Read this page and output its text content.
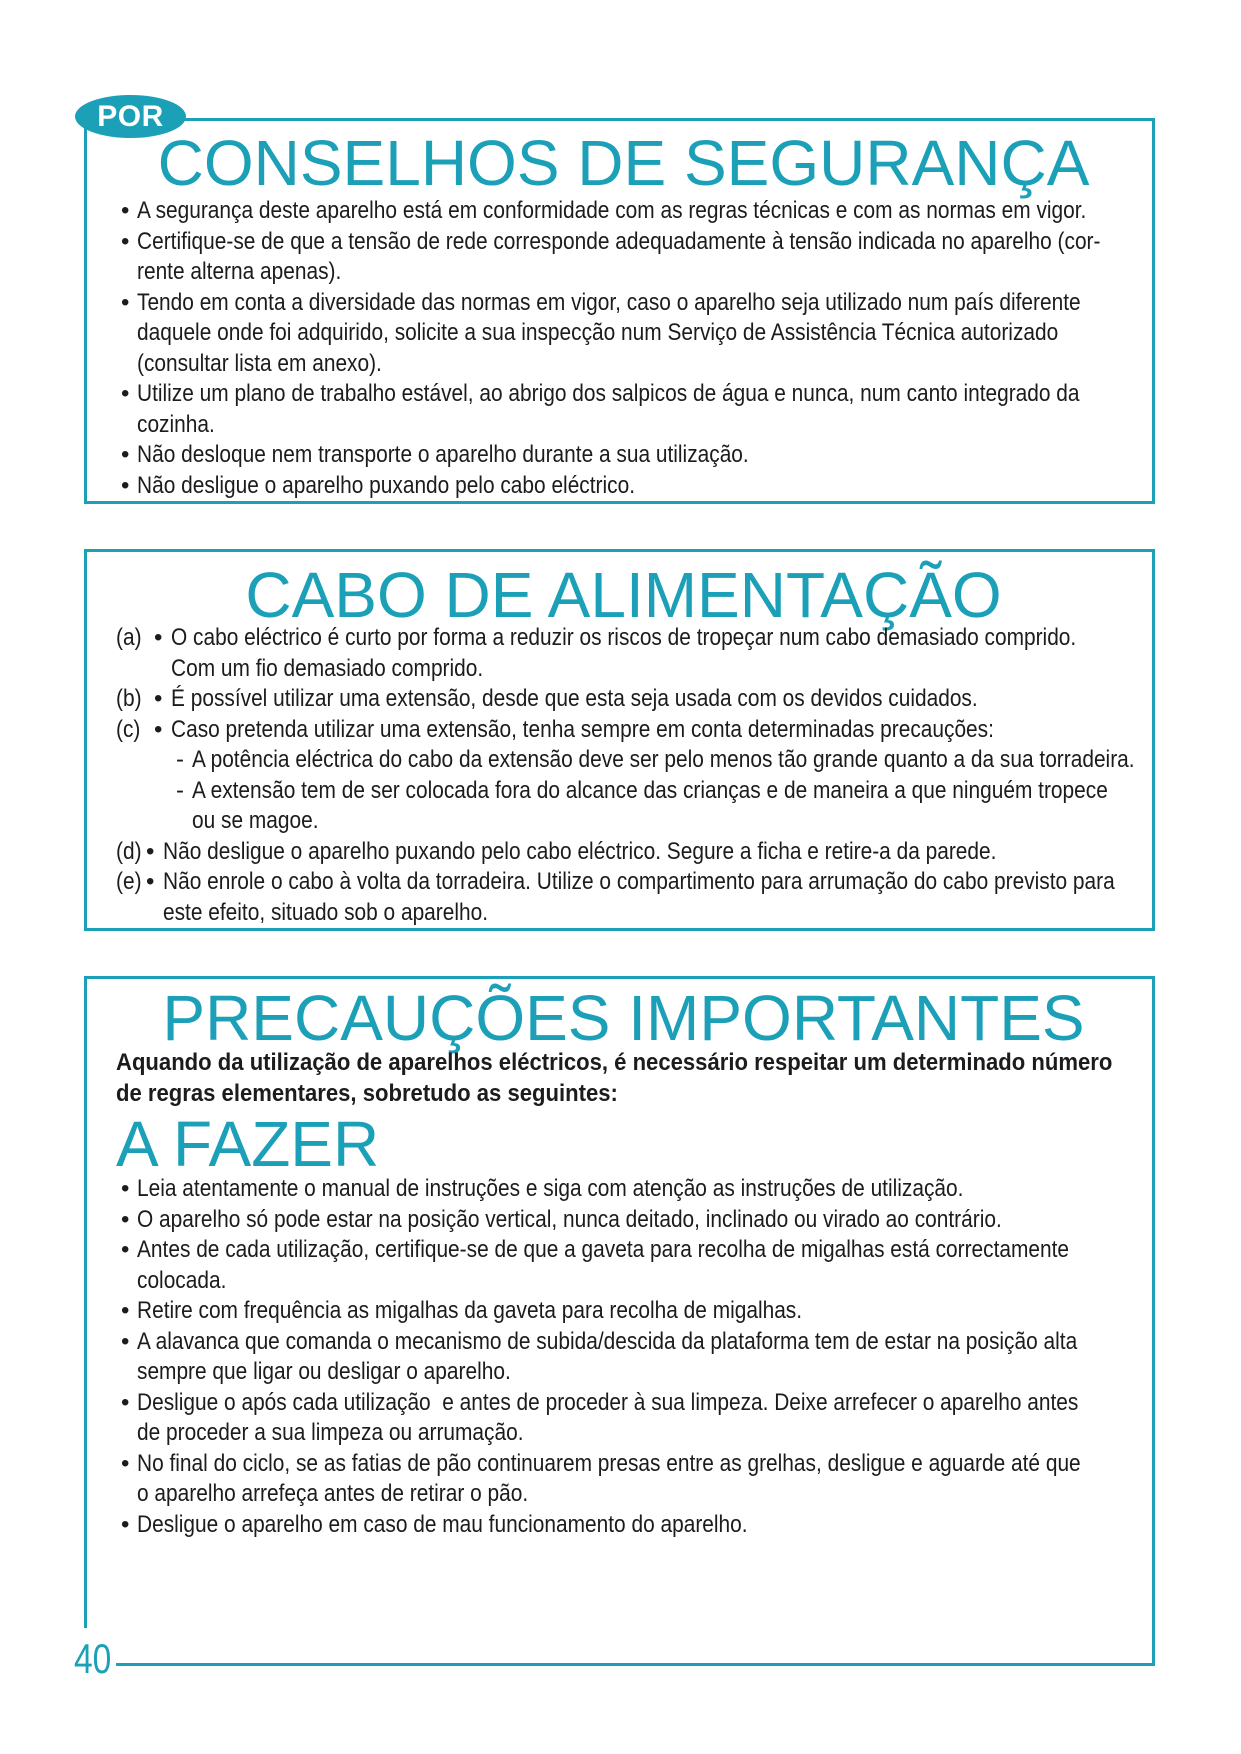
POR
CONSELHOS DE SEGURANÇA
• A segurança deste aparelho está em conformidade com as regras técnicas e com as normas em vigor.
• Certifique-se de que a tensão de rede corresponde adequadamente à tensão indicada no aparelho (cor-
rente alterna apenas).
• Tendo em conta a diversidade das normas em vigor, caso o aparelho seja utilizado num país diferente
daquele onde foi adquirido, solicite a sua inspecção num Serviço de Assistência Técnica autorizado
(consultar lista em anexo).
• Utilize um plano de trabalho estável, ao abrigo dos salpicos de água e nunca, num canto integrado da
cozinha.
• Não desloque nem transporte o aparelho durante a sua utilização.
• Não desligue o aparelho puxando pelo cabo eléctrico.
CABO DE ALIMENTAÇÃO
(a) • O cabo eléctrico é curto por forma a reduzir os riscos de tropeçar num cabo demasiado comprido.
Com um fio demasiado comprido.
(b) • É possível utilizar uma extensão, desde que esta seja usada com os devidos cuidados.
(c) • Caso pretenda utilizar uma extensão, tenha sempre em conta determinadas precauções:
- A potência eléctrica do cabo da extensão deve ser pelo menos tão grande quanto a da sua torradeira.
- A extensão tem de ser colocada fora do alcance das crianças e de maneira a que ninguém tropece
ou se magoe.
(d) • Não desligue o aparelho puxando pelo cabo eléctrico. Segure a ficha e retire-a da parede.
(e) • Não enrole o cabo à volta da torradeira. Utilize o compartimento para arrumação do cabo previsto para
este efeito, situado sob o aparelho.
PRECAUÇÕES IMPORTANTES
Aquando da utilização de aparelhos eléctricos, é necessário respeitar um determinado número
de regras elementares, sobretudo as seguintes:
A FAZER
• Leia atentamente o manual de instruções e siga com atenção as instruções de utilização.
• O aparelho só pode estar na posição vertical, nunca deitado, inclinado ou virado ao contrário.
• Antes de cada utilização, certifique-se de que a gaveta para recolha de migalhas está correctamente
colocada.
• Retire com frequência as migalhas da gaveta para recolha de migalhas.
• A alavanca que comanda o mecanismo de subida/descida da plataforma tem de estar na posição alta
sempre que ligar ou desligar o aparelho.
• Desligue o após cada utilização  e antes de proceder à sua limpeza. Deixe arrefecer o aparelho antes
de proceder a sua limpeza ou arrumação.
• No final do ciclo, se as fatias de pão continuarem presas entre as grelhas, desligue e aguarde até que
o aparelho arrefeça antes de retirar o pão.
• Desligue o aparelho em caso de mau funcionamento do aparelho.
40
